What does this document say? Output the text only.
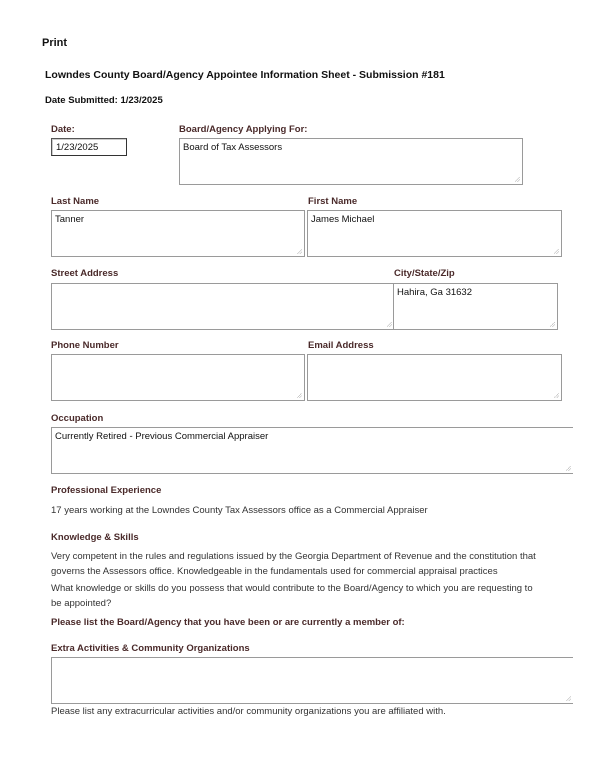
Print
Lowndes County Board/Agency Appointee Information Sheet - Submission #181
Date Submitted: 1/23/2025
Date:
1/23/2025
Board/Agency Applying For:
Board of Tax Assessors
Last Name
Tanner
First Name
James Michael
Street Address	City/State/Zip
Hahira, Ga 31632
Phone Number	Email Address
Occupation
Currently Retired - Previous Commercial Appraiser
Professional Experience
17 years working at the Lowndes County Tax Assessors office as a Commercial Appraiser
Knowledge & Skills
Very competent in the rules and regulations issued by the Georgia Department of Revenue and the constitution that governs the Assessors office. Knowledgeable in the fundamentals used for commercial appraisal practices
What knowledge or skills do you possess that would contribute to the Board/Agency to which you are requesting to be appointed?
Please list the Board/Agency that you have been or are currently a member of:
Extra Activities & Community Organizations
Please list any extracurricular activities and/or community organizations you are affiliated with.
